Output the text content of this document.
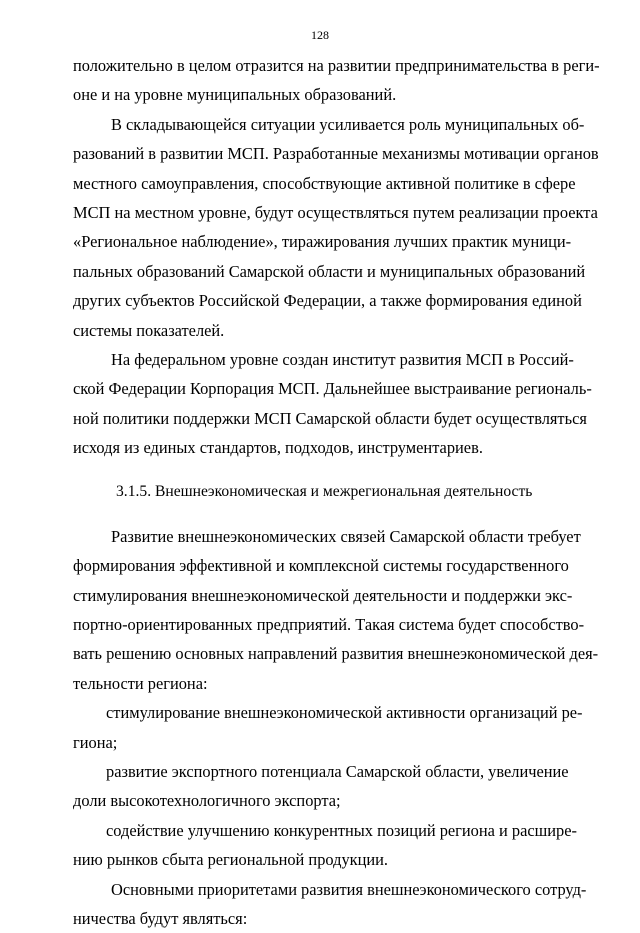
128
положительно в целом отразится на развитии предпринимательства в реги-
оне и на уровне муниципальных образований.
В складывающейся ситуации усиливается роль муниципальных об-
разований в развитии МСП. Разработанные механизмы мотивации органов
местного самоуправления, способствующие активной политике в сфере
МСП на местном уровне, будут осуществляться путем реализации проекта
«Региональное наблюдение», тиражирования лучших практик муници-
пальных образований Самарской области и муниципальных образований
других субъектов Российской Федерации, а также формирования единой
системы показателей.
На федеральном уровне создан институт развития МСП в Россий-
ской Федерации Корпорация МСП. Дальнейшее выстраивание региональ-
ной политики поддержки МСП Самарской области будет осуществляться
исходя из единых стандартов, подходов, инструментариев.
3.1.5. Внешнеэкономическая и межрегиональная деятельность
Развитие внешнеэкономических связей Самарской области требует
формирования эффективной и комплексной системы государственного
стимулирования внешнеэкономической деятельности и поддержки экс-
портно-ориентированных предприятий. Такая система будет способство-
вать решению основных направлений развития внешнеэкономической дея-
тельности региона:
стимулирование внешнеэкономической активности организаций ре-
гиона;
развитие экспортного потенциала Самарской области, увеличение
доли высокотехнологичного экспорта;
содействие улучшению конкурентных позиций региона и расшире-
нию рынков сбыта региональной продукции.
Основными приоритетами развития внешнеэкономического сотруд-
ничества будут являться:
